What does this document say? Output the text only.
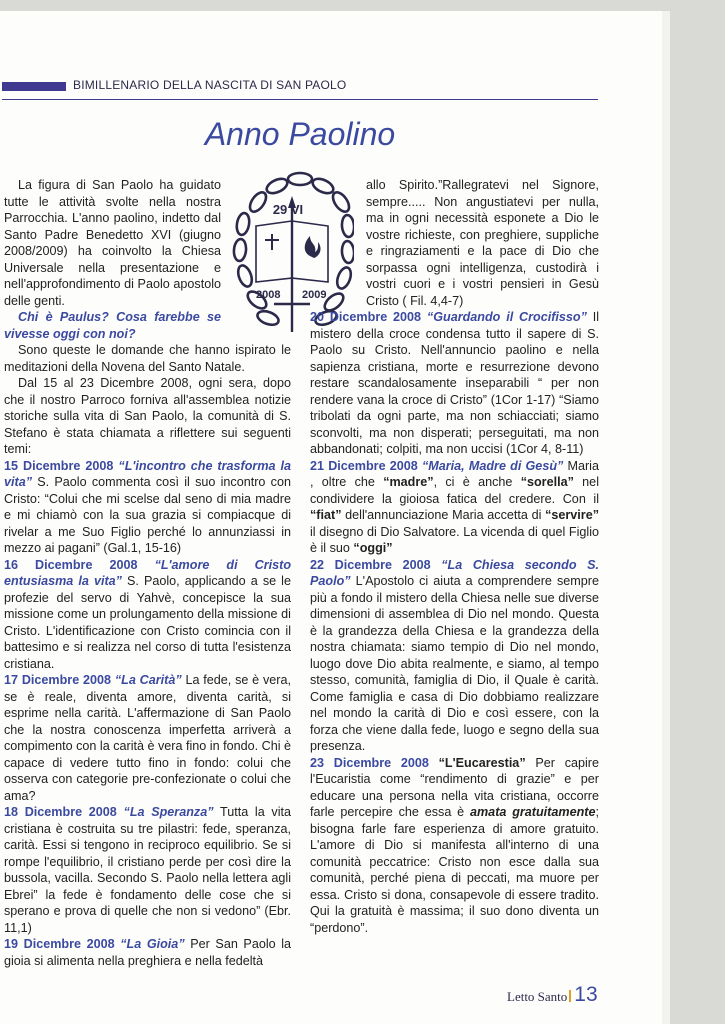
BIMILLENARIO DELLA NASCITA DI SAN PAOLO
Anno Paolino
29 VI
2008 2009

La figura di San Paolo ha guidato tutte le attività svolte nella nostra Parrocchia. L'anno paolino, indetto dal Santo Padre Benedetto XVI (giugno 2008/2009) ha coinvolto la Chiesa Universale nella presentazione e nell'approfondimento di Paolo apostolo delle genti.

Chi è Paulus? Cosa farebbe se vivesse oggi con noi?

Sono queste le domande che hanno ispirato le meditazioni della Novena del Santo Natale.

Dal 15 al 23 Dicembre 2008, ogni sera, dopo che il nostro Parroco forniva all'assemblea notizie storiche sulla vita di San Paolo, la comunità di S. Stefano è stata chiamata a riflettere sui seguenti temi:

15 Dicembre 2008 “L'incontro che trasforma la vita” S. Paolo commenta così il suo incontro con Cristo: “Colui che mi scelse dal seno di mia madre e mi chiamò con la sua grazia si compiacque di rivelar a me Suo Figlio perché lo annunziassi in mezzo ai pagani” (Gal.1, 15-16)

16 Dicembre 2008 “L'amore di Cristo entusiasma la vita” S. Paolo, applicando a se le profezie del servo di Yahvè, concepisce la sua missione come un prolungamento della missione di Cristo. L'identificazione con Cristo comincia con il battesimo e si realizza nel corso di tutta l'esistenza cristiana.

17 Dicembre 2008 “La Carità” La fede, se è vera, se è reale, diventa amore, diventa carità, si esprime nella carità. L'affermazione di San Paolo che la nostra conoscenza imperfetta arriverà a compimento con la carità è vera fino in fondo. Chi è capace di vedere tutto fino in fondo: colui che osserva con categorie pre-confezionate o colui che ama?

18 Dicembre 2008 “La Speranza” Tutta la vita cristiana è costruita su tre pilastri: fede, speranza, carità. Essi si tengono in reciproco equilibrio. Se si rompe l'equilibrio, il cristiano perde per così dire la bussola, vacilla. Secondo S. Paolo nella lettera agli Ebrei” la fede è fondamento delle cose che si sperano e prova di quelle che non si vedono” (Ebr. 11,1)

19 Dicembre 2008 “La Gioia” Per San Paolo la gioia si alimenta nella preghiera e nella fedeltà

allo Spirito.”Rallegratevi nel Signore, sempre..... Non angustiatevi per nulla, ma in ogni necessità esponete a Dio le vostre richieste, con preghiere, suppliche e ringraziamenti e la pace di Dio che sorpassa ogni intelligenza, custodirà i vostri cuori e i vostri pensieri in Gesù Cristo ( Fil. 4,4-7)

20 Dicembre 2008 “Guardando il Crocifisso” Il mistero della croce condensa tutto il sapere di S. Paolo su Cristo. Nell'annuncio paolino e nella sapienza cristiana, morte e resurrezione devono restare scandalosamente inseparabili “ per non rendere vana la croce di Cristo” (1Cor 1-17) “Siamo tribolati da ogni parte, ma non schiacciati; siamo sconvolti, ma non disperati; perseguitati, ma non abbandonati; colpiti, ma non uccisi (1Cor 4, 8-11)

21 Dicembre 2008 “Maria, Madre di Gesù” Maria , oltre che “madre”, ci è anche “sorella” nel condividere la gioiosa fatica del credere. Con il “fiat” dell'annunciazione Maria accetta di “servire” il disegno di Dio Salvatore. La vicenda di quel Figlio è il suo “oggi”

22 Dicembre 2008 “La Chiesa secondo S. Paolo” L'Apostolo ci aiuta a comprendere sempre più a fondo il mistero della Chiesa nelle sue diverse dimensioni di assemblea di Dio nel mondo. Questa è la grandezza della Chiesa e la grandezza della nostra chiamata: siamo tempio di Dio nel mondo, luogo dove Dio abita realmente, e siamo, al tempo stesso, comunità, famiglia di Dio, il Quale è carità. Come famiglia e casa di Dio dobbiamo realizzare nel mondo la carità di Dio e così essere, con la forza che viene dalla fede, luogo e segno della sua presenza.

23 Dicembre 2008 “L'Eucarestia” Per capire l'Eucaristia come “rendimento di grazie” e per educare una persona nella vita cristiana, occorre farle percepire che essa è amata gratuitamente; bisogna farle fare esperienza di amore gratuito. L'amore di Dio si manifesta all'interno di una comunità peccatrice: Cristo non esce dalla sua comunità, perché piena di peccati, ma muore per essa. Cristo si dona, consapevole di essere tradito. Qui la gratuità è massima; il suo dono diventa un “perdono”.

Letto Santo 13
